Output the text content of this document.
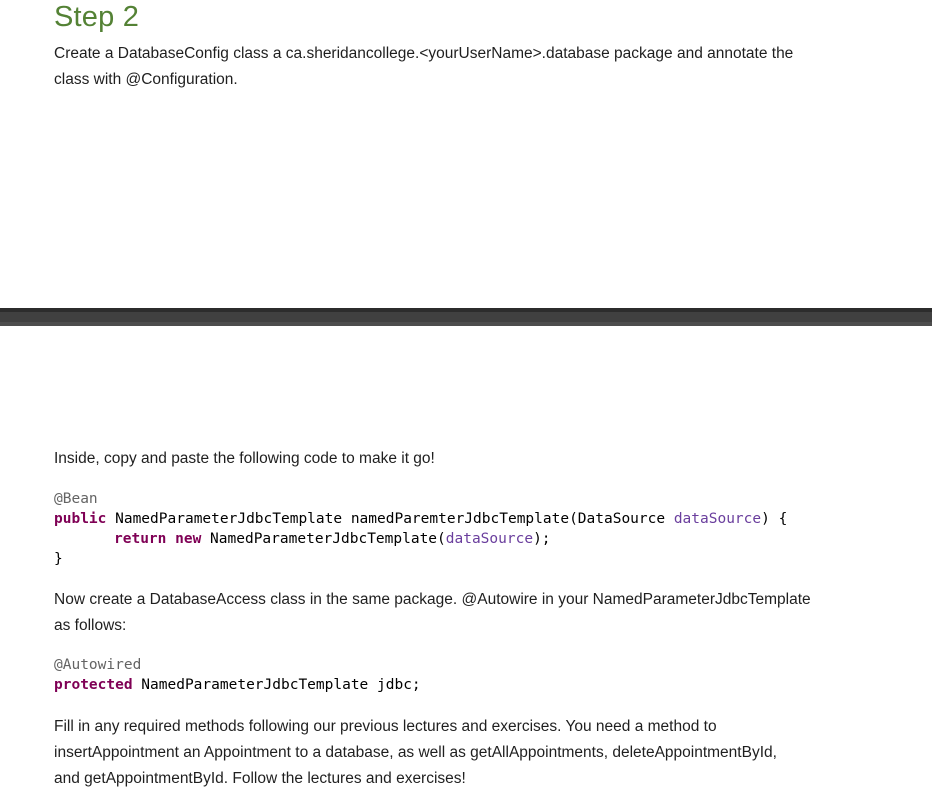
Step 2
Create a DatabaseConfig class a ca.sheridancollege.<yourUserName>.database package and annotate the
class with @Configuration.
Inside, copy and paste the following code to make it go!
@Bean
public NamedParameterJdbcTemplate namedParemterJdbcTemplate(DataSource dataSource) {
return new NamedParameterJdbcTemplate(dataSource);
}
Now create a DatabaseAccess class in the same package. @Autowire in your NamedParameterJdbcTemplate
as follows:
@Autowired
protected NamedParameterJdbcTemplate jdbc;
Fill in any required methods following our previous lectures and exercises. You need a method to
insertAppointment an Appointment to a database, as well as getAllAppointments, deleteAppointmentById,
and getAppointmentById. Follow the lectures and exercises!
